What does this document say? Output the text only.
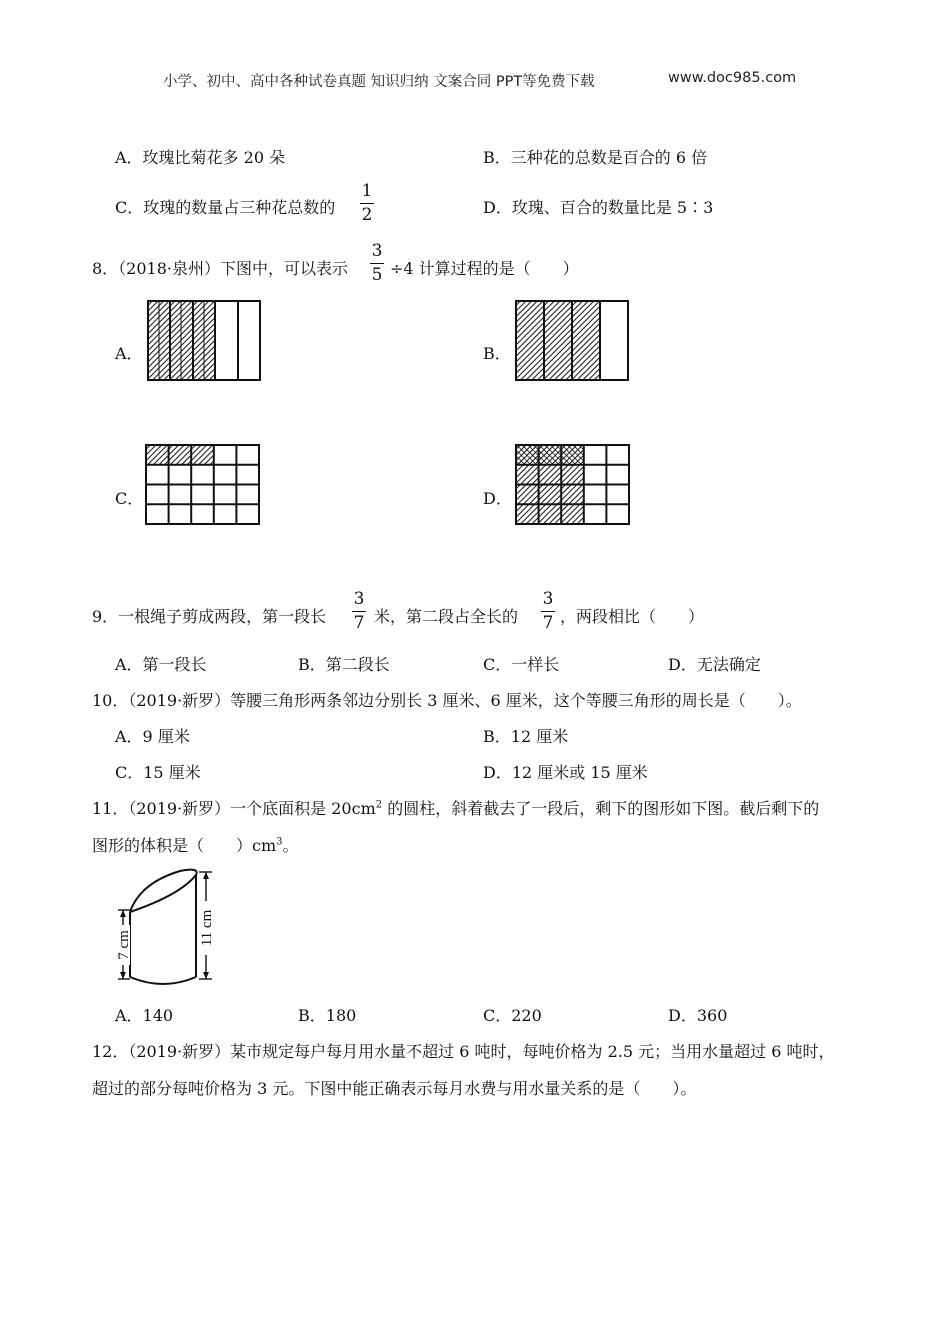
小学、初中、高中各种试卷真题 知识归纳 文案合同 PPT等免费下载	www.doc985.com
A．玫瑰比菊花多 20 朵	B．三种花的总数是百合的 6 倍
C．玫瑰的数量占三种花总数的
1
2	D．玫瑰、百合的数量比是 5∶3
8．（2018·泉州）下图中，可以表示
3
5 ÷4 计算过程的是（　　）
A．	B．
C．	D．
9．一根绳子剪成两段，第一段长
3
7 米，第二段占全长的
3
7 ，两段相比（　　）
A．第一段长	B．第二段长	C．一样长	D．无法确定
10．（2019·新罗）等腰三角形两条邻边分别长 3 厘米、6 厘米，这个等腰三角形的周长是（　　）。
A．9 厘米	B．12 厘米
C．15 厘米	D．12 厘米或 15 厘米
11．（2019·新罗）一个底面积是 $20cm^2$ 的圆柱，斜着截去了一段后，剩下的图形如下图。截后剩下的
图形的体积是（　　）$cm^3$。
7 cm	11 cm
A．140	B．180	C．220	D．360
12．（2019·新罗）某市规定每户每月用水量不超过 6 吨时，每吨价格为 2.5 元；当用水量超过 6 吨时，
超过的部分每吨价格为 3 元。下图中能正确表示每月水费与用水量关系的是（　　）。
